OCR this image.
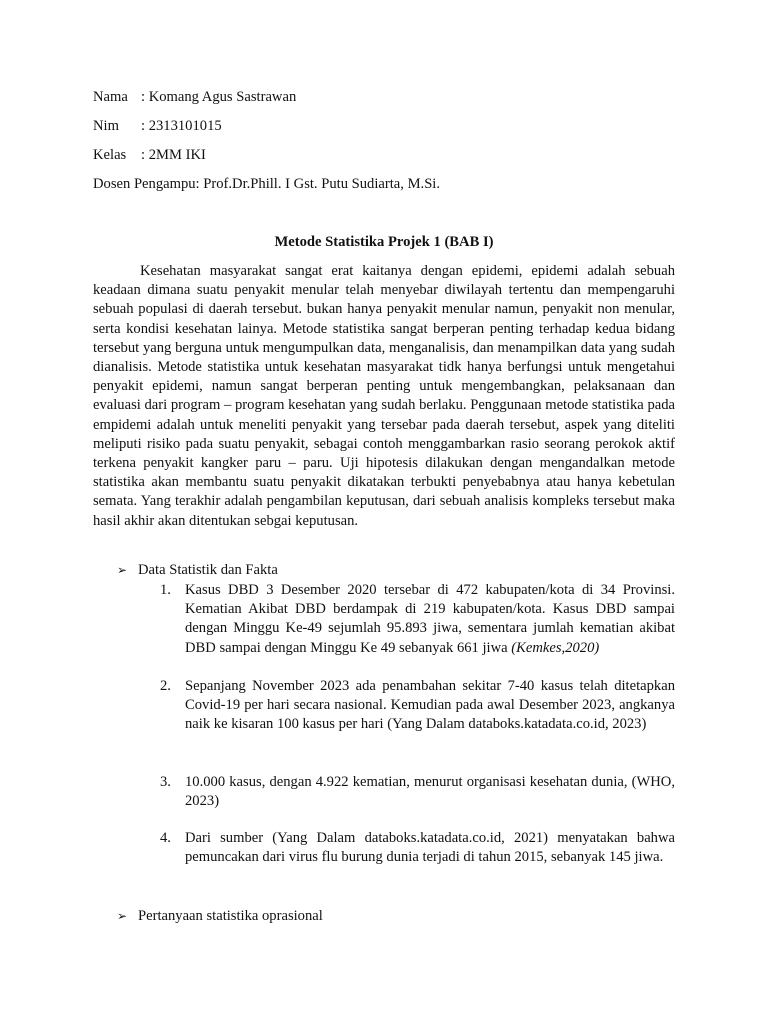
Nama : Komang Agus Sastrawan
Nim : 2313101015
Kelas : 2MM IKI
Dosen Pengampu: Prof.Dr.Phill. I Gst. Putu Sudiarta, M.Si.
Metode Statistika Projek 1 (BAB I)

Kesehatan masyarakat sangat erat kaitanya dengan epidemi, epidemi adalah sebuah keadaan dimana suatu penyakit menular telah menyebar diwilayah tertentu dan mempengaruhi sebuah populasi di daerah tersebut. bukan hanya penyakit menular namun, penyakit non menular, serta kondisi kesehatan lainya. Metode statistika sangat berperan penting terhadap kedua bidang tersebut yang berguna untuk mengumpulkan data, menganalisis, dan menampilkan data yang sudah dianalisis. Metode statistika untuk kesehatan masyarakat tidk hanya berfungsi untuk mengetahui penyakit epidemi, namun sangat berperan penting untuk mengembangkan, pelaksanaan dan evaluasi dari program – program kesehatan yang sudah berlaku. Penggunaan metode statistika pada empidemi adalah untuk meneliti penyakit yang tersebar pada daerah tersebut, aspek yang diteliti meliputi risiko pada suatu penyakit, sebagai contoh menggambarkan rasio seorang perokok aktif terkena penyakit kangker paru – paru. Uji hipotesis dilakukan dengan mengandalkan metode statistika akan membantu suatu penyakit dikatakan terbukti penyebabnya atau hanya kebetulan semata. Yang terakhir adalah pengambilan keputusan, dari sebuah analisis kompleks tersebut maka hasil akhir akan ditentukan sebgai keputusan.

➢ Data Statistik dan Fakta
1. Kasus DBD 3 Desember 2020 tersebar di 472 kabupaten/kota di 34 Provinsi. Kematian Akibat DBD berdampak di 219 kabupaten/kota. Kasus DBD sampai dengan Minggu Ke-49 sejumlah 95.893 jiwa, sementara jumlah kematian akibat DBD sampai dengan Minggu Ke 49 sebanyak 661 jiwa (Kemkes,2020)
2. Sepanjang November 2023 ada penambahan sekitar 7-40 kasus telah ditetapkan Covid-19 per hari secara nasional. Kemudian pada awal Desember 2023, angkanya naik ke kisaran 100 kasus per hari (Yang Dalam databoks.katadata.co.id, 2023)
3. 10.000 kasus, dengan 4.922 kematian, menurut organisasi kesehatan dunia, (WHO, 2023)
4. Dari sumber (Yang Dalam databoks.katadata.co.id, 2021) menyatakan bahwa pemuncakan dari virus flu burung dunia terjadi di tahun 2015, sebanyak 145 jiwa.
➢ Pertanyaan statistika oprasional
